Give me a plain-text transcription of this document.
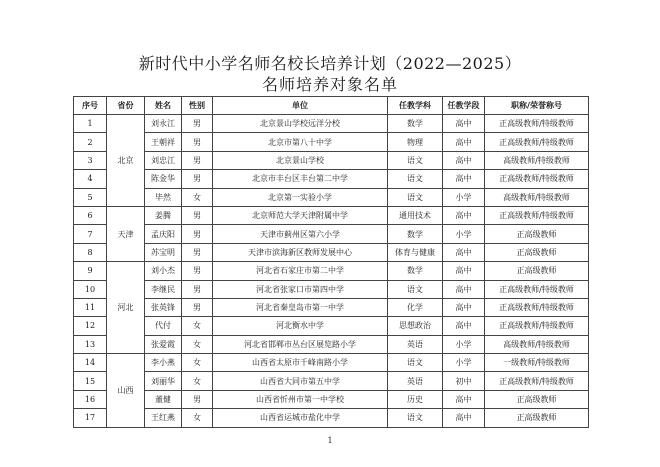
新时代中小学名师名校长培养计划（2022—2025）
名师培养对象名单
序号	省份	姓名	性别	单位	任教学科	任教学段	职称/荣誉称号
1	北京	刘永江	男	北京景山学校远洋分校	数学	高中	正高级教师/特级教师
2		王朝祥	男	北京市第八十中学	物理	高中	正高级教师/特级教师
3		刘忠江	男	北京景山学校	语文	高中	高级教师/特级教师
4		陈金华	男	北京市丰台区丰台第二中学	语文	高中	正高级教师/特级教师
5		毕然	女	北京第一实验小学	语文	小学	高级教师/特级教师
6	天津	姜腾	男	北京师范大学天津附属中学	通用技术	高中	正高级教师/特级教师
7		孟庆阳	男	天津市蓟州区第六小学	数学	小学	正高级教师
8		苏宝明	男	天津市滨海新区教师发展中心	体育与健康	高中	正高级教师
9	河北	刘小杰	男	河北省石家庄市第二中学	数学	高中	正高级教师
10		李继民	男	河北省张家口市第四中学	语文	高中	正高级教师/特级教师
11		张英锋	男	河北省秦皇岛市第一中学	化学	高中	正高级教师/特级教师
12		代付	女	河北衡水中学	思想政治	高中	正高级教师/特级教师
13		张爱霞	女	河北省邯郸市丛台区展览路小学	英语	小学	高级教师/特级教师
14	山西	李小燕	女	山西省太原市千峰南路小学	语文	小学	一级教师/特级教师
15		刘丽华	女	山西省大同市第五中学	英语	初中	正高级教师/特级教师
16		董健	男	山西省忻州市第一中学校	历史	高中	正高级教师
17		王红燕	女	山西省运城市盐化中学	语文	高中	正高级教师
1
